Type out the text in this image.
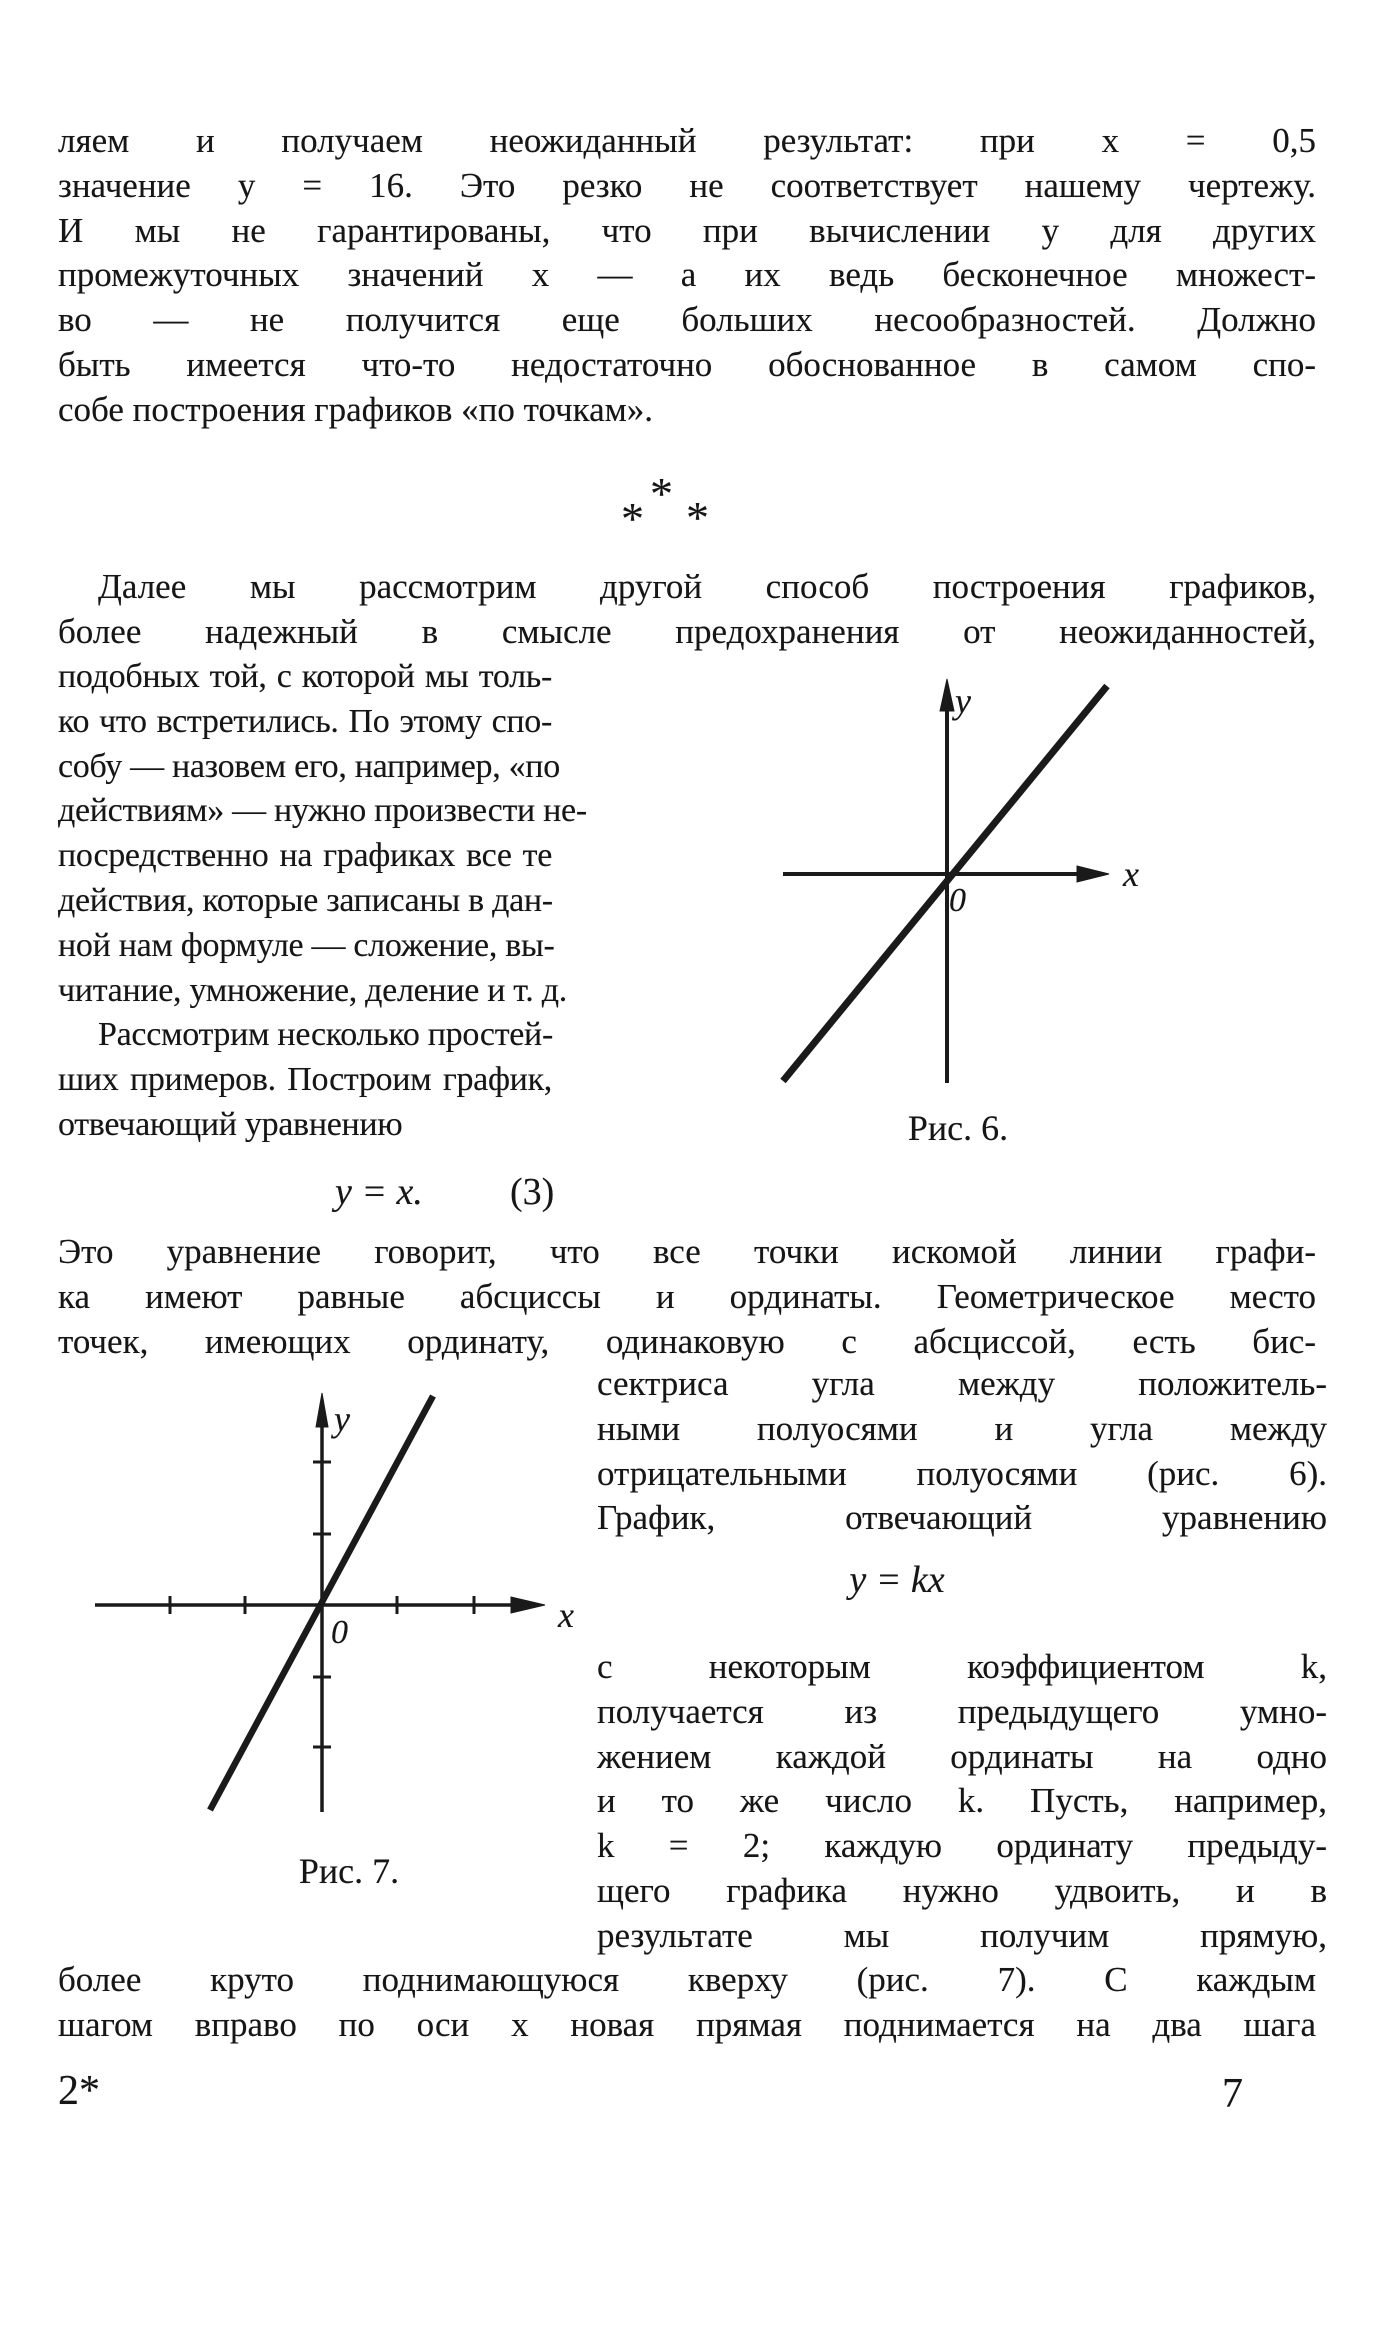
ляем и получаем неожиданный результат: при x = 0,5
значение y = 16. Это резко не соответствует нашему чертежу.
И мы не гарантированы, что при вычислении y для других
промежуточных значений x — а их ведь бесконечное множест-
во — не получится еще больших несообразностей. Должно
быть имеется что-то недостаточно обоснованное в самом спо-
собе построения графиков «по точкам».
*
* *
Далее мы рассмотрим другой способ построения графиков,
более надежный в смысле предохранения от неожиданностей,
подобных той, с которой мы толь-
ко что встретились. По этому спо-
собу — назовем его, например, «по
действиям» — нужно произвести не-
посредственно на графиках все те
действия, которые записаны в дан-
ной нам формуле — сложение, вы-
читание, умножение, деление и т. д.
Рассмотрим несколько простей-
ших примеров. Построим график,
отвечающий уравнению
y = x. (3)
y
x
0
Рис. 6.
Это уравнение говорит, что все точки искомой линии графи-
ка имеют равные абсциссы и ординаты. Геометрическое место
точек, имеющих ординату, одинаковую с абсциссой, есть бис-
y
x
0
Рис. 7.
сектриса угла между положитель-
ными полуосями и угла между
отрицательными полуосями (рис. 6).
График, отвечающий уравнению
y = kx
с некоторым коэффициентом k,
получается из предыдущего умно-
жением каждой ординаты на одно
и то же число k. Пусть, например,
k = 2; каждую ординату предыду-
щего графика нужно удвоить, и в
результате мы получим прямую,
более круто поднимающуюся кверху (рис. 7). С каждым
шагом вправо по оси x новая прямая поднимается на два шага
2*	7
